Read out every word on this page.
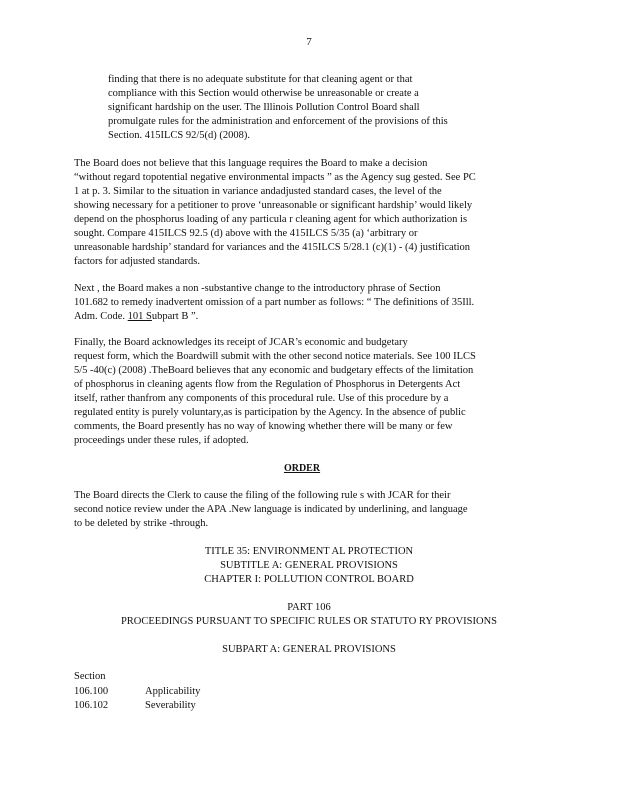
7
finding that there is no adequate substitute for that cleaning agent or that
compliance with this Section would otherwise be unreasonable or create a
significant hardship on the user. The Illinois Pollution Control Board shall
promulgate rules for the administration and enforcement of the provisions of this
Section. 415ILCS 92/5(d) (2008).
The Board does not believe that this language requires the Board to make a decision
“without regard topotential negative environmental impacts ” as the Agency sug gested. See PC
1 at p. 3. Similar to the situation in variance andadjusted standard cases, the level of the
showing necessary for a petitioner to prove ‘unreasonable or significant hardship’ would likely
depend on the phosphorus loading of any particula r cleaning agent for which authorization is
sought. Compare 415ILCS 92.5 (d) above with the 415ILCS 5/35 (a) ‘arbitrary or
unreasonable hardship’ standard for variances and the 415ILCS 5/28.1 (c)(1) - (4) justification
factors for adjusted standards.
Next , the Board makes a non -substantive change to the introductory phrase of Section
101.682 to remedy inadvertent omission of a part number as follows: “ The definitions of 35Ill.
Adm. Code. 101 Subpart B ”.
Finally, the Board acknowledges its receipt of JCAR’s economic and budgetary
request form, which the Boardwill submit with the other second notice materials. See 100 ILCS
5/5 -40(c) (2008) .TheBoard believes that any economic and budgetary effects of the limitation
of phosphorus in cleaning agents flow from the Regulation of Phosphorus in Detergents Act
itself, rather thanfrom any components of this procedural rule. Use of this procedure by a
regulated entity is purely voluntary,as is participation by the Agency. In the absence of public
comments, the Board presently has no way of knowing whether there will be many or few
proceedings under these rules, if adopted.
ORDER
The Board directs the Clerk to cause the filing of the following rule s with JCAR for their
second notice review under the APA .New language is indicated by underlining, and language
to be deleted by strike -through.
TITLE 35: ENVIRONMENT AL PROTECTION
SUBTITLE A: GENERAL PROVISIONS
CHAPTER I: POLLUTION CONTROL BOARD
PART 106
PROCEEDINGS PURSUANT TO SPECIFIC RULES OR STATUTO RY PROVISIONS
SUBPART A: GENERAL PROVISIONS
Section
106.100	Applicability
106.102	Severability
